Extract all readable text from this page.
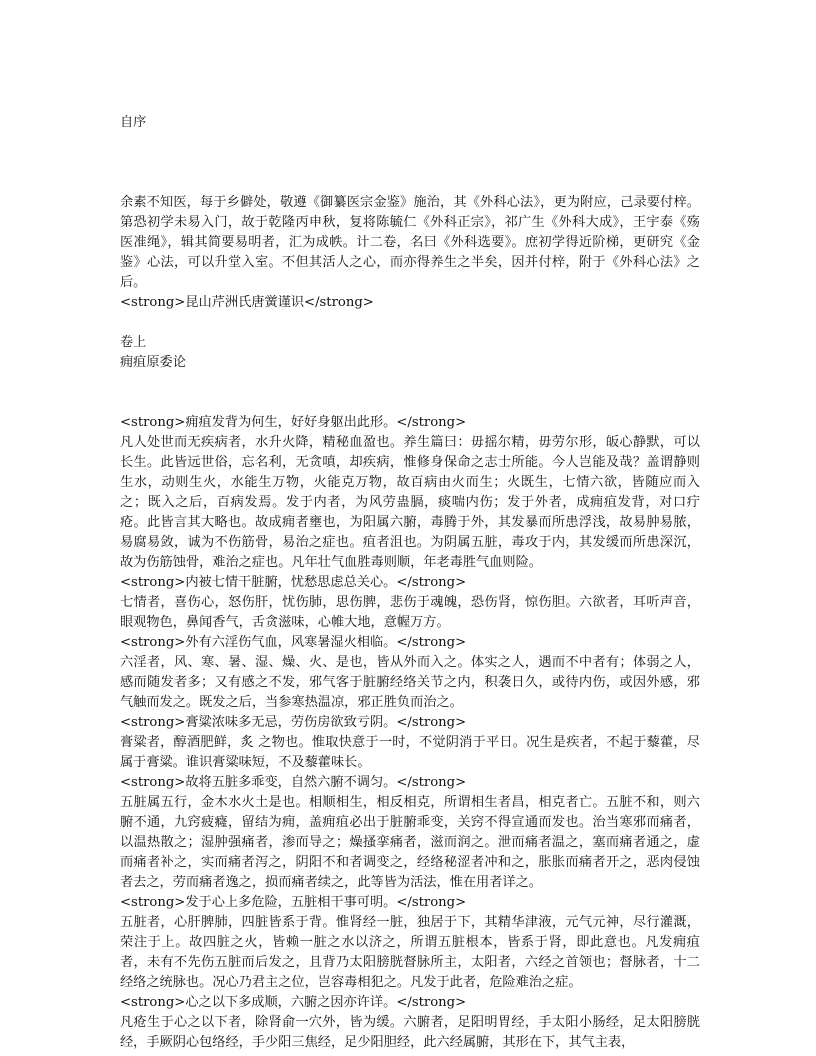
自序

余素不知医，每于乡僻处，敬遵《御纂医宗金鉴》施治，其《外科心法》，更为附应，己录要付梓。第恐初学未易入门，故于乾隆丙申秋，复将陈毓仁《外科正宗》，祁广生《外科大成》，王宇泰《殇医准绳》，辑其简要易明者，汇为成帙。计二卷，名曰《外科选要》。庶初学得近阶梯，更研究《金鉴》心法，可以升堂入室。不但其活人之心，而亦得养生之半矣，因并付梓，附于《外科心法》之后。

<strong>昆山芹洲氏唐黉谨识</strong>

卷上

痈疽原委论

<strong>痈疽发背为何生，好好身躯出此形。</strong>

凡人处世而无疾病者，水升火降，精秘血盈也。养生篇曰：毋摇尔精，毋劳尔形，皈心静默，可以长生。此皆远世俗，忘名利，无贪嗔，却疾病，惟修身保命之志士所能。今人岂能及哉？盖谓静则生水，动则生火，水能生万物，火能克万物，故百病由火而生；火既生，七情六欲，皆随应而入之；既入之后，百病发焉。发于内者，为风劳蛊膈，痰喘内伤；发于外者，成痈疽发背，对口疔疮。此皆言其大略也。故成痈者壅也，为阳属六腑，毒腾于外，其发暴而所患浮浅，故易肿易脓，易腐易敛，诚为不伤筋骨，易治之症也。疽者沮也。为阴属五脏，毒攻于内，其发缓而所患深沉，故为伤筋蚀骨，难治之症也。凡年壮气血胜毒则顺，年老毒胜气血则险。

<strong>内被七情干脏腑，忧愁思虑总关心。</strong>

七情者，喜伤心，怒伤肝，忧伤肺，思伤脾，悲伤于魂魄，恐伤肾，惊伤胆。六欲者，耳听声音，眼观物色，鼻闻香气，舌贪滋味，心帷大地，意幄万方。

<strong>外有六淫伤气血，风寒暑湿火相临。</strong>

六淫者，风、寒、暑、湿、燥、火、是也，皆从外而入之。体实之人，遇而不中者有；体弱之人，感而随发者多；又有感之不发，邪气客于脏腑经络关节之内，积袭日久，或待内伤，或因外感，邪气触而发之。既发之后，当参寒热温凉，邪正胜负而治之。

<strong>膏粱浓味多无忌，劳伤房欲致亏阴。</strong>

膏粱者，醇酒肥鲜，炙 之物也。惟取快意于一时，不觉阴消于平日。况生是疾者，不起于藜藿，尽属于膏粱。谁识膏粱味短，不及藜藿味长。

<strong>故将五脏多乖变，自然六腑不调匀。</strong>

五脏属五行，金木水火土是也。相顺相生，相反相克，所谓相生者昌，相克者亡。五脏不和，则六腑不通，九窍疲癃，留结为痈，盖痈疽必出于脏腑乖变，关窍不得宣通而发也。治当寒邪而痛者，以温热散之；湿肿强痛者，渗而导之；燥搔挛痛者，滋而润之。泄而痛者温之，塞而痛者通之，虚而痛者补之，实而痛者泻之，阴阳不和者调变之，经络秘涩者冲和之，胀胀而痛者开之，恶肉侵蚀者去之，劳而痛者逸之，损而痛者续之，此等皆为活法，惟在用者详之。

<strong>发于心上多危险，五脏相干事可明。</strong>

五脏者，心肝脾肺，四脏皆系于背。惟肾经一脏，独居于下，其精华津液，元气元神，尽行灌溉，荣注于上。故四脏之火，皆赖一脏之水以济之，所谓五脏根本，皆系于肾，即此意也。凡发痈疽者，未有不先伤五脏而后发之，且背乃太阳膀胱督脉所主，太阳者，六经之首领也；督脉者，十二经络之统脉也。况心乃君主之位，岂容毒相犯之。凡发于此者，危险难治之症。

<strong>心之以下多成顺，六腑之因亦许详。</strong>

凡疮生于心之以下者，除肾俞一穴外，皆为缓。六腑者，足阳明胃经，手太阳小肠经，足太阳膀胱经，手厥阴心包络经，手少阳三焦经，足少阳胆经，此六经属腑，其形在下，其气主表，
